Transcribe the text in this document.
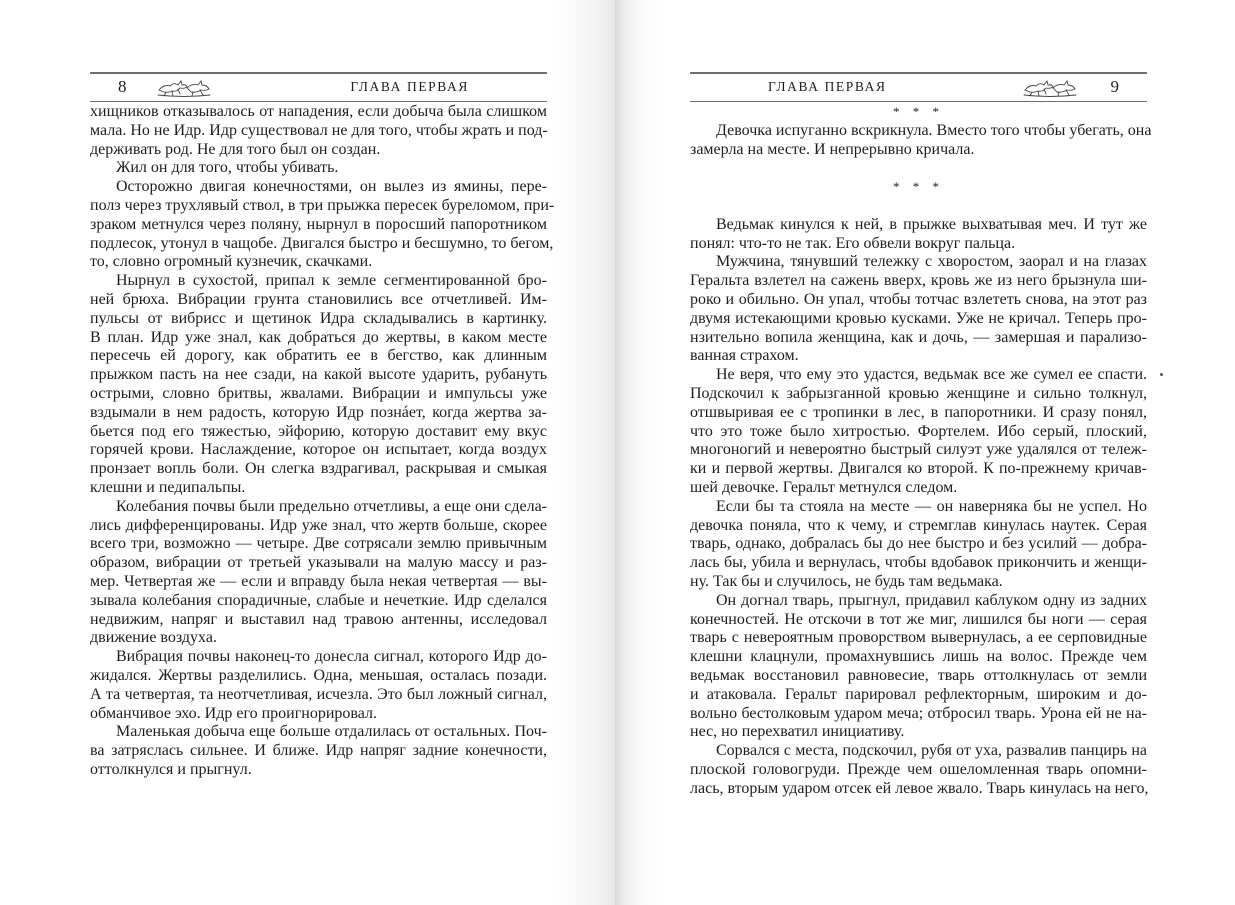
8	ГЛАВА ПЕРВАЯ
хищников отказывалось от нападения, если добыча была слишком
мала. Но не Идр. Идр существовал не для того, чтобы жрать и под-
держивать род. Не для того был он создан.
Жил он для того, чтобы убивать.
Осторожно двигая конечностями, он вылез из ямины, пере-
полз через трухлявый ствол, в три прыжка пересек буреломом, при-
зраком метнулся через поляну, нырнул в поросший папоротником
подлесок, утонул в чащобе. Двигался быстро и бесшумно, то бегом,
то, словно огромный кузнечик, скачками.
Нырнул в сухостой, припал к земле сегментированной бро-
ней брюха. Вибрации грунта становились все отчетливей. Им-
пульсы от вибрисс и щетинок Идра складывались в картинку.
В план. Идр уже знал, как добраться до жертвы, в каком месте
пересечь ей дорогу, как обратить ее в бегство, как длинным
прыжком пасть на нее сзади, на какой высоте ударить, рубануть
острыми, словно бритвы, жвалами. Вибрации и импульсы уже
вздымали в нем радость, которую Идр познáет, когда жертва за-
бьется под его тяжестью, эйфорию, которую доставит ему вкус
горячей крови. Наслаждение, которое он испытает, когда воздух
пронзает вопль боли. Он слегка вздрагивал, раскрывая и смыкая
клешни и педипальпы.
Колебания почвы были предельно отчетливы, а еще они сдела-
лись дифференцированы. Идр уже знал, что жертв больше, скорее
всего три, возможно — четыре. Две сотрясали землю привычным
образом, вибрации от третьей указывали на малую массу и раз-
мер. Четвертая же — если и вправду была некая четвертая — вы-
зывала колебания спорадичные, слабые и нечеткие. Идр сделался
недвижим, напряг и выставил над травою антенны, исследовал
движение воздуха.
Вибрация почвы наконец-то донесла сигнал, которого Идр до-
жидался. Жертвы разделились. Одна, меньшая, осталась позади.
А та четвертая, та неотчетливая, исчезла. Это был ложный сигнал,
обманчивое эхо. Идр его проигнорировал.
Маленькая добыча еще больше отдалилась от остальных. Поч-
ва затряслась сильнее. И ближе. Идр напряг задние конечности,
оттолкнулся и прыгнул.
ГЛАВА ПЕРВАЯ	9
* * *
Девочка испуганно вскрикнула. Вместо того чтобы убегать, она
замерла на месте. И непрерывно кричала.
* * *
Ведьмак кинулся к ней, в прыжке выхватывая меч. И тут же
понял: что-то не так. Его обвели вокруг пальца.
Мужчина, тянувший тележку с хворостом, заорал и на глазах
Геральта взлетел на сажень вверх, кровь же из него брызнула ши-
роко и обильно. Он упал, чтобы тотчас взлететь снова, на этот раз
двумя истекающими кровью кусками. Уже не кричал. Теперь про-
нзительно вопила женщина, как и дочь, — замершая и парализо-
ванная страхом.
Не веря, что ему это удастся, ведьмак все же сумел ее спасти.
Подскочил к забрызганной кровью женщине и сильно толкнул,
отшвыривая ее с тропинки в лес, в папоротники. И сразу понял,
что это тоже было хитростью. Фортелем. Ибо серый, плоский,
многоногий и невероятно быстрый силуэт уже удалялся от тележ-
ки и первой жертвы. Двигался ко второй. К по-прежнему кричав-
шей девочке. Геральт метнулся следом.
Если бы та стояла на месте — он наверняка бы не успел. Но
девочка поняла, что к чему, и стремглав кинулась наутек. Серая
тварь, однако, добралась бы до нее быстро и без усилий — добра-
лась бы, убила и вернулась, чтобы вдобавок прикончить и женщи-
ну. Так бы и случилось, не будь там ведьмака.
Он догнал тварь, прыгнул, придавил каблуком одну из задних
конечностей. Не отскочи в тот же миг, лишился бы ноги — серая
тварь с невероятным проворством вывернулась, а ее серповидные
клешни клацнули, промахнувшись лишь на волос. Прежде чем
ведьмак восстановил равновесие, тварь оттолкнулась от земли
и атаковала. Геральт парировал рефлекторным, широким и до-
вольно бестолковым ударом меча; отбросил тварь. Урона ей не на-
нес, но перехватил инициативу.
Сорвался с места, подскочил, рубя от уха, развалив панцирь на
плоской головогруди. Прежде чем ошеломленная тварь опомни-
лась, вторым ударом отсек ей левое жвало. Тварь кинулась на него,
